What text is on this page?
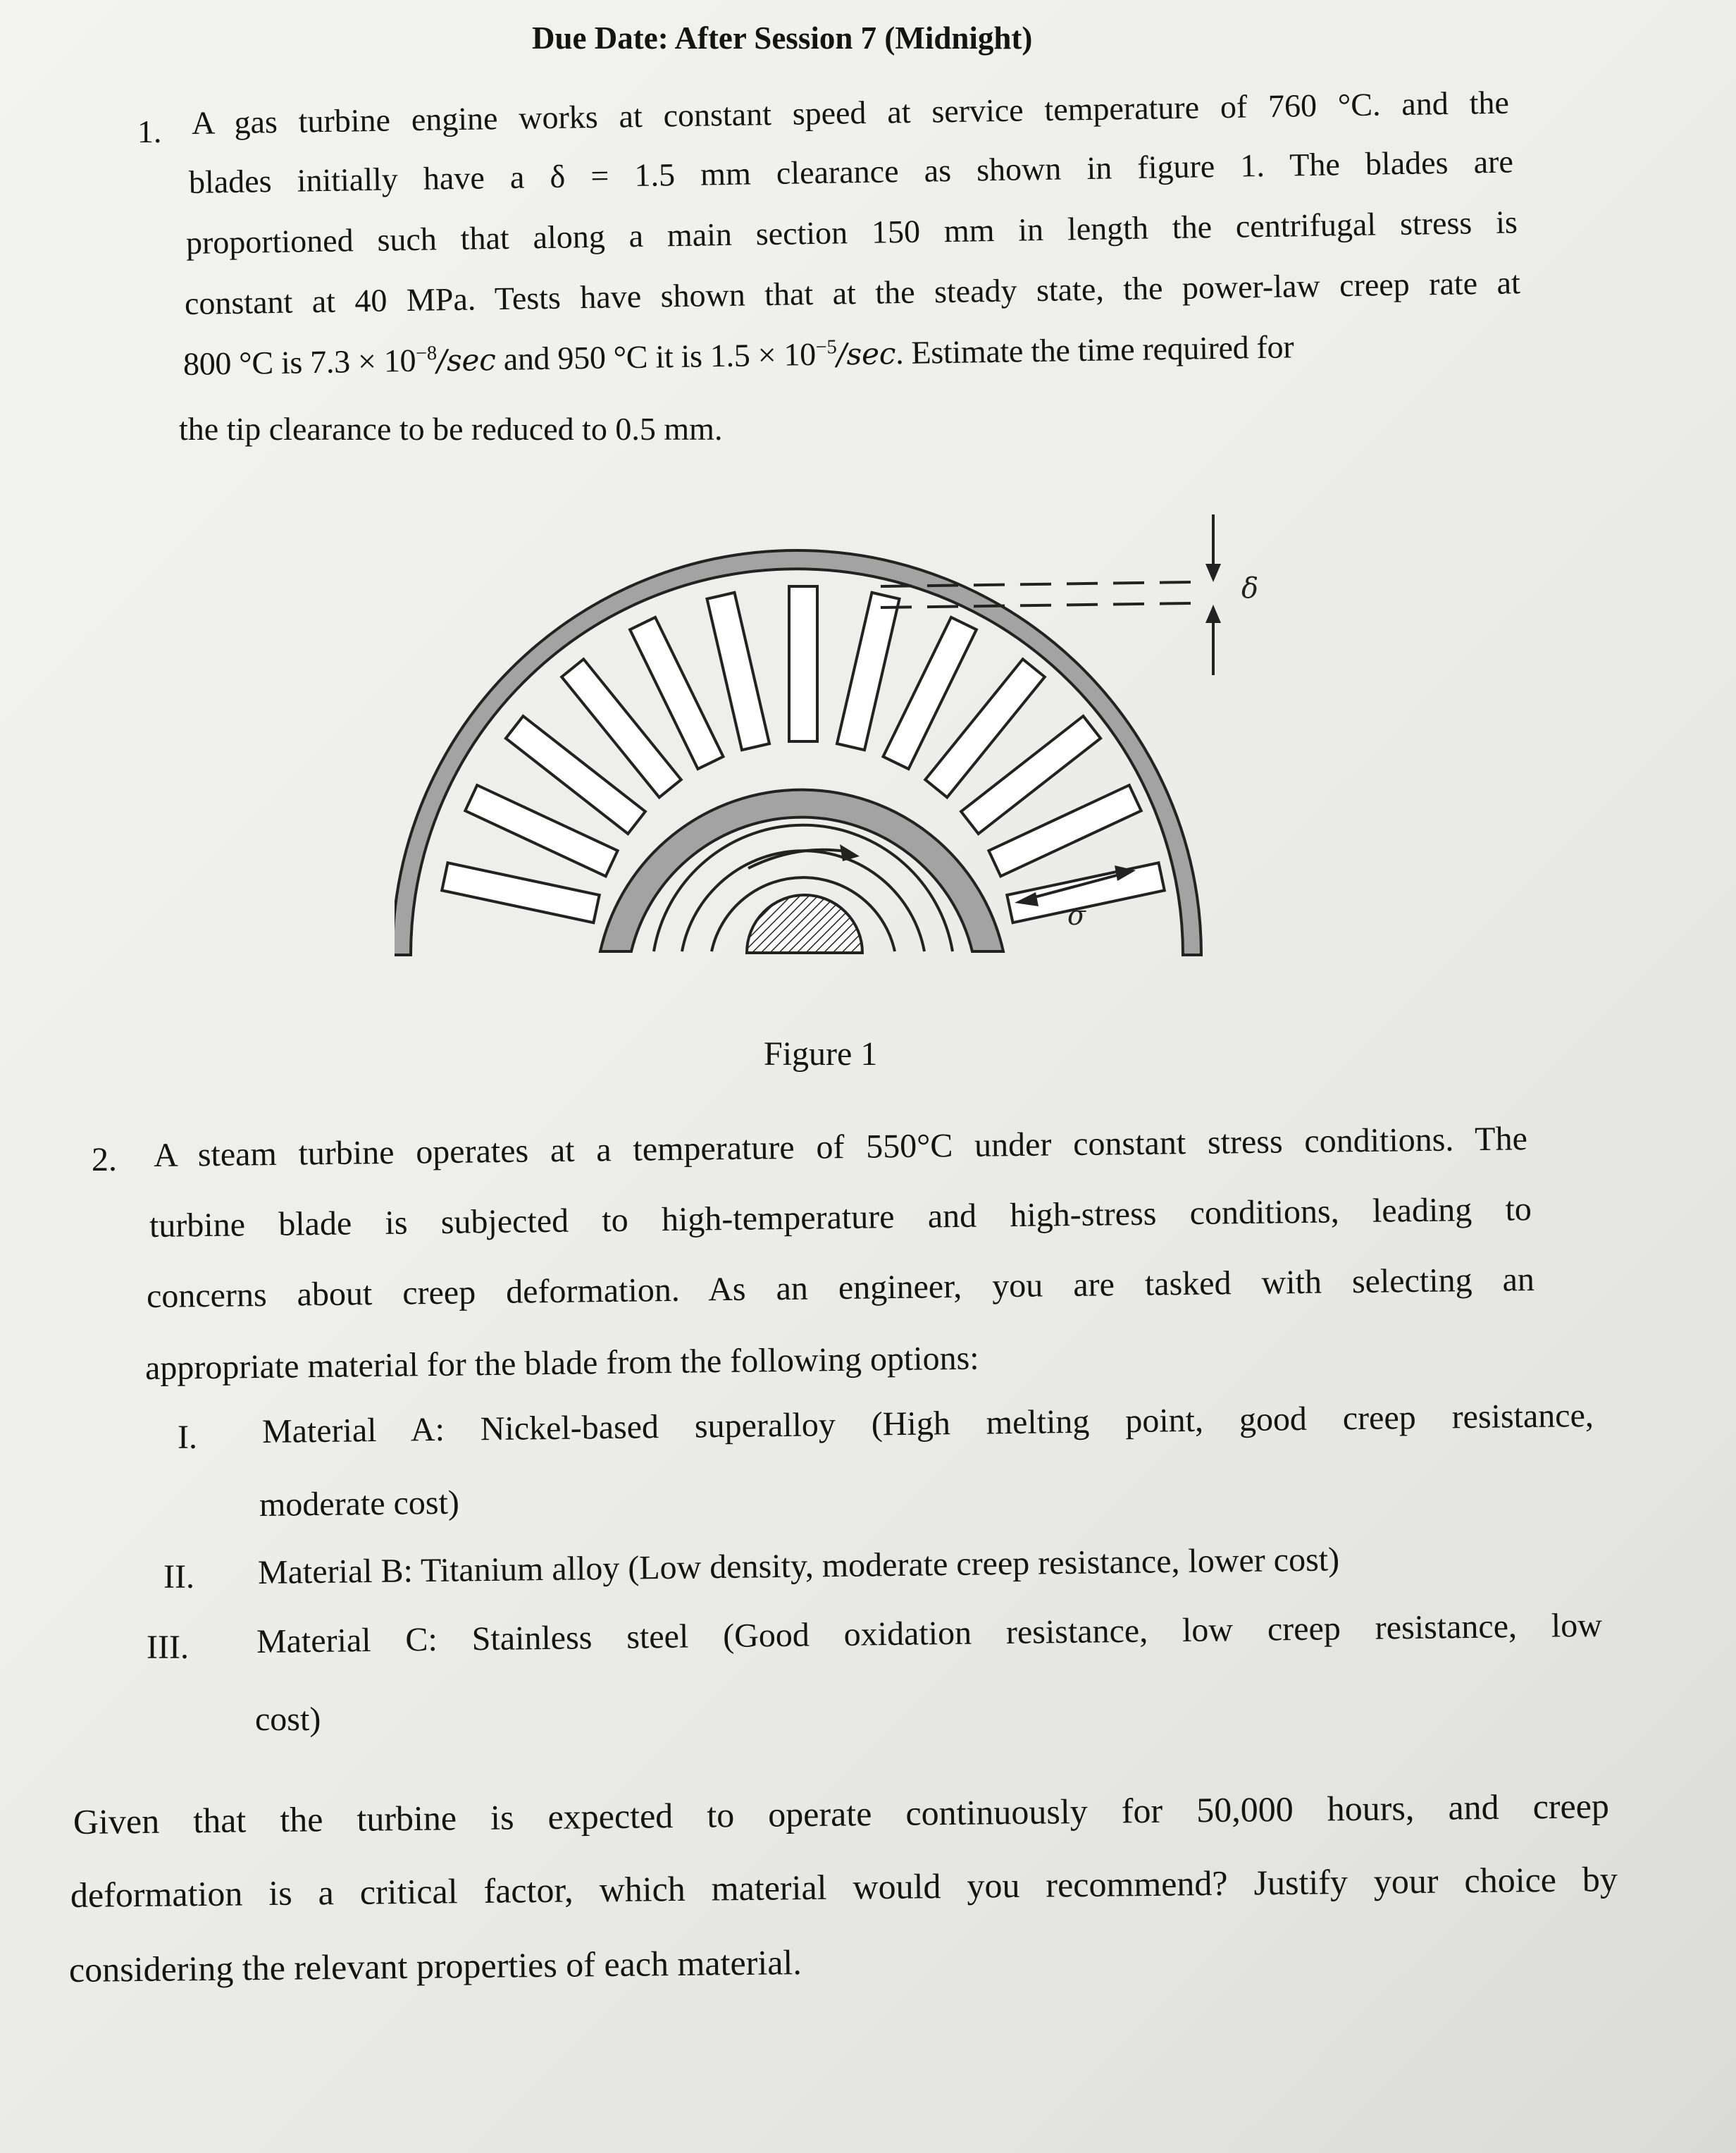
Due Date: After Session 7 (Midnight)
1. A gas turbine engine works at constant speed at service temperature of 760 °C. and the
blades initially have a δ = 1.5 mm clearance as shown in figure 1. The blades are
proportioned such that along a main section 150 mm in length the centrifugal stress is
constant at 40 MPa. Tests have shown that at the steady state, the power-law creep rate at
800 °C is $7.3 \times 10^{-8}/\sec$ and 950 °C it is $1.5 \times 10^{-5}/\sec$. Estimate the time required for
the tip clearance to be reduced to 0.5 mm.
δ
σ
Figure 1
2. A steam turbine operates at a temperature of 550°C under constant stress conditions. The
turbine blade is subjected to high-temperature and high-stress conditions, leading to
concerns about creep deformation. As an engineer, you are tasked with selecting an
appropriate material for the blade from the following options:
I. Material A: Nickel-based superalloy (High melting point, good creep resistance,
moderate cost)
II. Material B: Titanium alloy (Low density, moderate creep resistance, lower cost)
III. Material C: Stainless steel (Good oxidation resistance, low creep resistance, low
cost)
Given that the turbine is expected to operate continuously for 50,000 hours, and creep
deformation is a critical factor, which material would you recommend? Justify your choice by
considering the relevant properties of each material.
